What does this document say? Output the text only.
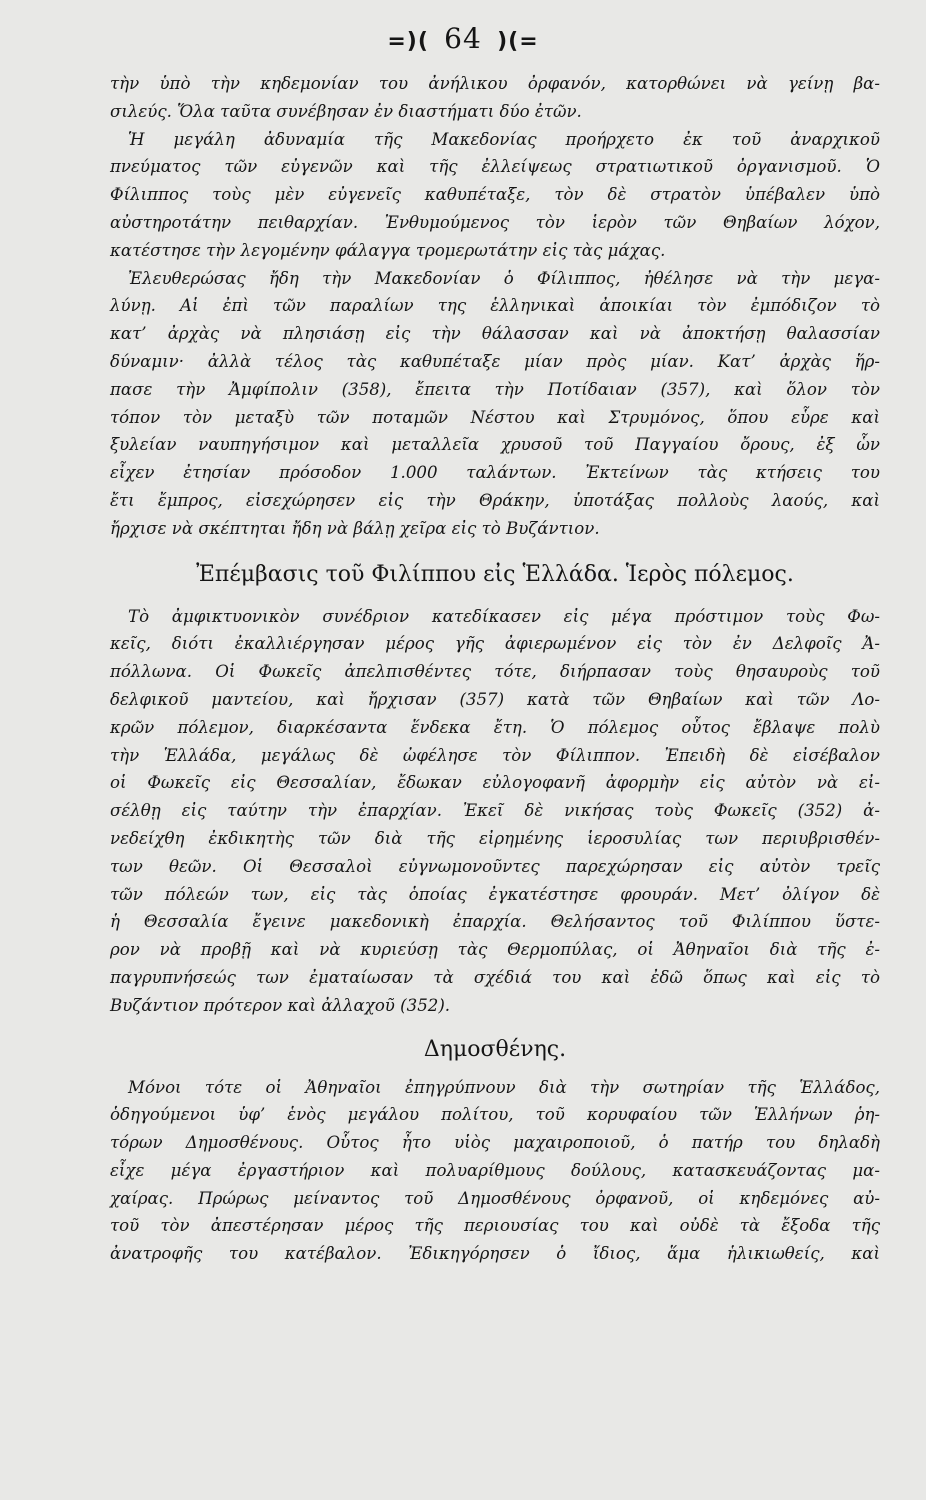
=)( 64 )(=
τὴν ὑπὸ τὴν κηδεμονίαν του ἀνήλικου ὀρφανόν, κατορθώνει νὰ γείνῃ βα-
σιλεύς. Ὅλα ταῦτα συνέβησαν ἐν διαστήματι δύο ἐτῶν.
Ἡ μεγάλη ἀδυναμία τῆς Μακεδονίας προήρχετο ἐκ τοῦ ἀναρχικοῦ
πνεύματος τῶν εὐγενῶν καὶ τῆς ἐλλείψεως στρατιωτικοῦ ὀργανισμοῦ. Ὁ
Φίλιππος τοὺς μὲν εὐγενεῖς καθυπέταξε, τὸν δὲ στρατὸν ὑπέβαλεν ὑπὸ
αὐστηροτάτην πειθαρχίαν. Ἐνθυμούμενος τὸν ἱερὸν τῶν Θηβαίων λόχον,
κατέστησε τὴν λεγομένην φάλαγγα τρομερωτάτην εἰς τὰς μάχας.
Ἐλευθερώσας ἤδη τὴν Μακεδονίαν ὁ Φίλιππος, ἠθέλησε νὰ τὴν μεγα-
λύνῃ. Αἱ ἐπὶ τῶν παραλίων της ἑλληνικαὶ ἀποικίαι τὸν ἐμπόδιζον τὸ
κατ’ ἀρχὰς νὰ πλησιάσῃ εἰς τὴν θάλασσαν καὶ νὰ ἀποκτήσῃ θαλασσίαν
δύναμιν· ἀλλὰ τέλος τὰς καθυπέταξε μίαν πρὸς μίαν. Κατ’ ἀρχὰς ἥρ-
πασε τὴν Ἀμφίπολιν (358), ἔπειτα τὴν Ποτίδαιαν (357), καὶ ὅλον τὸν
τόπον τὸν μεταξὺ τῶν ποταμῶν Νέστου καὶ Στρυμόνος, ὅπου εὗρε καὶ
ξυλείαν ναυπηγήσιμον καὶ μεταλλεῖα χρυσοῦ τοῦ Παγγαίου ὄρους, ἐξ ὧν
εἶχεν ἐτησίαν πρόσοδον 1.000 ταλάντων. Ἐκτείνων τὰς κτήσεις του
ἔτι ἔμπρος, εἰσεχώρησεν εἰς τὴν Θράκην, ὑποτάξας πολλοὺς λαούς, καὶ
ἤρχισε νὰ σκέπτηται ἤδη νὰ βάλῃ χεῖρα εἰς τὸ Βυζάντιον.
Ἐπέμβασις τοῦ Φιλίππου εἰς Ἑλλάδα. Ἱερὸς πόλεμος.
Τὸ ἀμφικτυονικὸν συνέδριον κατεδίκασεν εἰς μέγα πρόστιμον τοὺς Φω-
κεῖς, διότι ἐκαλλιέργησαν μέρος γῆς ἀφιερωμένον εἰς τὸν ἐν Δελφοῖς Ἀ-
πόλλωνα. Οἱ Φωκεῖς ἀπελπισθέντες τότε, διήρπασαν τοὺς θησαυροὺς τοῦ
δελφικοῦ μαντείου, καὶ ἤρχισαν (357) κατὰ τῶν Θηβαίων καὶ τῶν Λο-
κρῶν πόλεμον, διαρκέσαντα ἕνδεκα ἔτη. Ὁ πόλεμος οὗτος ἔβλαψε πολὺ
τὴν Ἑλλάδα, μεγάλως δὲ ὠφέλησε τὸν Φίλιππον. Ἐπειδὴ δὲ εἰσέβαλον
οἱ Φωκεῖς εἰς Θεσσαλίαν, ἔδωκαν εὐλογοφανῆ ἀφορμὴν εἰς αὐτὸν νὰ εἰ-
σέλθῃ εἰς ταύτην τὴν ἐπαρχίαν. Ἐκεῖ δὲ νικήσας τοὺς Φωκεῖς (352) ἀ-
νεδείχθη ἐκδικητὴς τῶν διὰ τῆς εἰρημένης ἱεροσυλίας των περιυβρισθέν-
των θεῶν. Οἱ Θεσσαλοὶ εὐγνωμονοῦντες παρεχώρησαν εἰς αὐτὸν τρεῖς
τῶν πόλεών των, εἰς τὰς ὁποίας ἐγκατέστησε φρουράν. Μετ’ ὀλίγον δὲ
ἡ Θεσσαλία ἔγεινε μακεδονικὴ ἐπαρχία. Θελήσαντος τοῦ Φιλίππου ὕστε-
ρον νὰ προβῇ καὶ νὰ κυριεύσῃ τὰς Θερμοπύλας, οἱ Ἀθηναῖοι διὰ τῆς ἐ-
παγρυπνήσεώς των ἐματαίωσαν τὰ σχέδιά του καὶ ἐδῶ ὅπως καὶ εἰς τὸ
Βυζάντιον πρότερον καὶ ἀλλαχοῦ (352).
Δημοσθένης.
Μόνοι τότε οἱ Ἀθηναῖοι ἐπηγρύπνουν διὰ τὴν σωτηρίαν τῆς Ἑλλάδος,
ὁδηγούμενοι ὑφ’ ἑνὸς μεγάλου πολίτου, τοῦ κορυφαίου τῶν Ἑλλήνων ῥη-
τόρων Δημοσθένους. Οὗτος ἦτο υἱὸς μαχαιροποιοῦ, ὁ πατήρ του δηλαδὴ
εἶχε μέγα ἐργαστήριον καὶ πολυαρίθμους δούλους, κατασκευάζοντας μα-
χαίρας. Πρώρως μείναντος τοῦ Δημοσθένους ὀρφανοῦ, οἱ κηδεμόνες αὐ-
τοῦ τὸν ἀπεστέρησαν μέρος τῆς περιουσίας του καὶ οὐδὲ τὰ ἔξοδα τῆς
ἀνατροφῆς του κατέβαλον. Ἐδικηγόρησεν ὁ ἴδιος, ἅμα ἡλικιωθείς, καὶ
